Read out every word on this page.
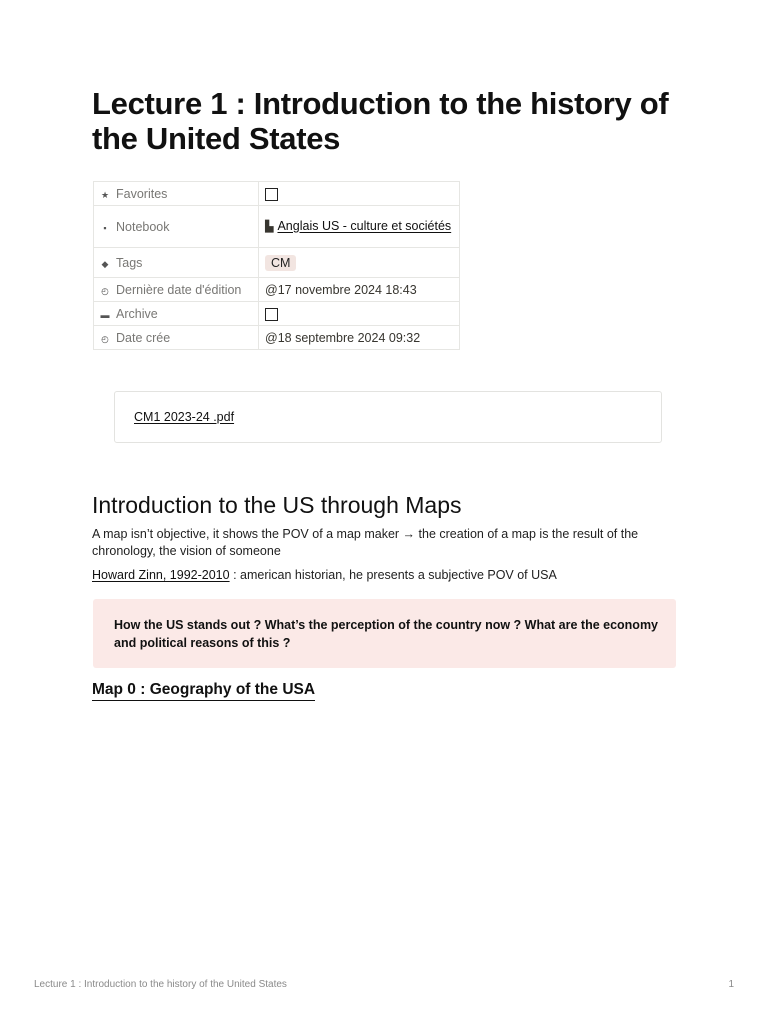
Lecture 1 : Introduction to the history of the United States
★ Favorites	
▪ Notebook	▙ Anglais US - culture et sociétés
◆ Tags	CM
◴ Dernière date d'édition	@17 novembre 2024 18:43
▬ Archive	
◴ Date crée	@18 septembre 2024 09:32
CM1 2023-24 .pdf
Introduction to the US through Maps

A map isn’t objective, it shows the POV of a map maker → the creation of a map is the result of the chronology, the vision of someone

Howard Zinn, 1992-2010 : american historian, he presents a subjective POV of USA

How the US stands out ? What’s the perception of the country now ? What are the economy and political reasons of this ?

Map 0 : Geography of the USA
Lecture 1 : Introduction to the history of the United States	1
